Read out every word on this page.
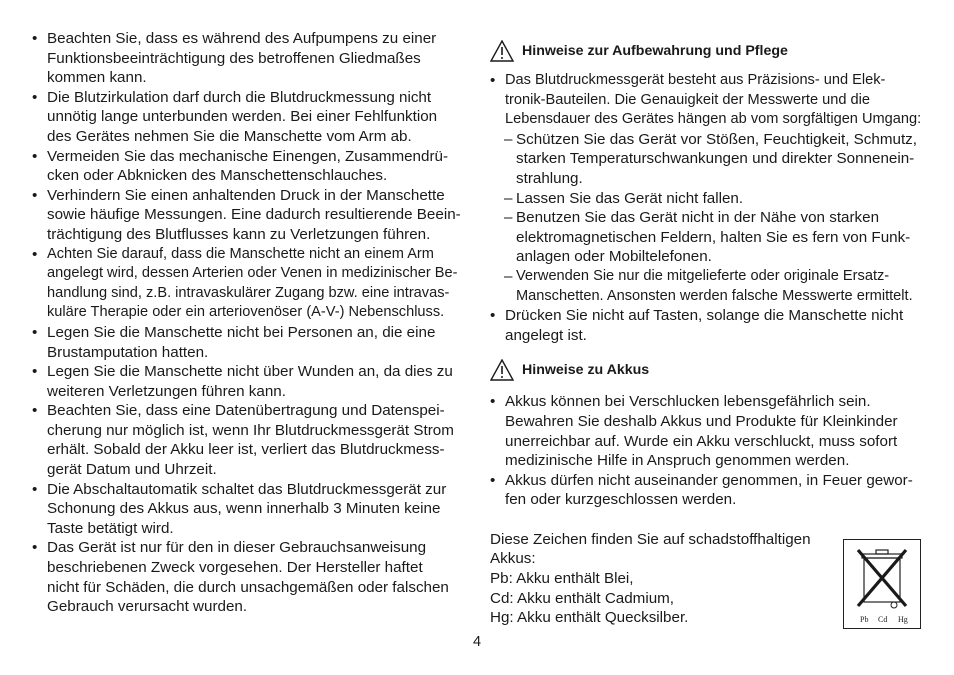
• Beachten Sie, dass es während des Aufpumpens zu einer

Funktionsbeeinträchtigung des betroffenen Gliedmaßes

kommen kann.

• Die Blutzirkulation darf durch die Blutdruckmessung nicht

unnötig lange unterbunden werden. Bei einer Fehlfunktion

des Gerätes nehmen Sie die Manschette vom Arm ab.

• Vermeiden Sie das mechanische Einengen, Zusammendrü-

cken oder Abknicken des Manschettenschlauches.

• Verhindern Sie einen anhaltenden Druck in der Manschette

sowie häufige Messungen. Eine dadurch resultierende Beein-

trächtigung des Blutflusses kann zu Verletzungen führen.

• Achten Sie darauf, dass die Manschette nicht an einem Arm

angelegt wird, dessen Arterien oder Venen in medizinischer Be-

handlung sind, z.B. intravaskulärer Zugang bzw. eine intravas-

kuläre Therapie oder ein arteriovenöser (A-V-) Nebenschluss.

• Legen Sie die Manschette nicht bei Personen an, die eine

Brustamputation hatten.

• Legen Sie die Manschette nicht über Wunden an, da dies zu

weiteren Verletzungen führen kann.

• Beachten Sie, dass eine Datenübertragung und Datenspei-

cherung nur möglich ist, wenn Ihr Blutdruckmessgerät Strom

erhält. Sobald der Akku leer ist, verliert das Blutdruckmess-

gerät Datum und Uhrzeit.

• Die Abschaltautomatik schaltet das Blutdruckmessgerät zur

Schonung des Akkus aus, wenn innerhalb 3 Minuten keine

Taste betätigt wird.

• Das Gerät ist nur für den in dieser Gebrauchsanweisung

beschriebenen Zweck vorgesehen. Der Hersteller haftet

nicht für Schäden, die durch unsachgemäßen oder falschen

Gebrauch verursacht wurden.

Hinweise zur Aufbewahrung und Pflege
• Das Blutdruckmessgerät besteht aus Präzisions- und Elek-

tronik-Bauteilen. Die Genauigkeit der Messwerte und die

Lebensdauer des Gerätes hängen ab vom sorgfältigen Umgang:

– Schützen Sie das Gerät vor Stößen, Feuchtigkeit, Schmutz,

starken Temperaturschwankungen und direkter Sonnenein-

strahlung.

– Lassen Sie das Gerät nicht fallen.

– Benutzen Sie das Gerät nicht in der Nähe von starken

elektromagnetischen Feldern, halten Sie es fern von Funk-

anlagen oder Mobiltelefonen.

– Verwenden Sie nur die mitgelieferte oder originale Ersatz-

Manschetten. Ansonsten werden falsche Messwerte ermittelt.

• Drücken Sie nicht auf Tasten, solange die Manschette nicht

angelegt ist.

Hinweise zu Akkus
• Akkus können bei Verschlucken lebensgefährlich sein.

Bewahren Sie deshalb Akkus und Produkte für Kleinkinder

unerreichbar auf. Wurde ein Akku verschluckt, muss sofort

medizinische Hilfe in Anspruch genommen werden.

• Akkus dürfen nicht auseinander genommen, in Feuer gewor-

fen oder kurzgeschlossen werden.

Diese Zeichen finden Sie auf schadstoffhaltigen

Akkus:

Pb: Akku enthält Blei,

Cd: Akku enthält Cadmium,

Hg: Akku enthält Quecksilber.	Pb Cd Hg
4
